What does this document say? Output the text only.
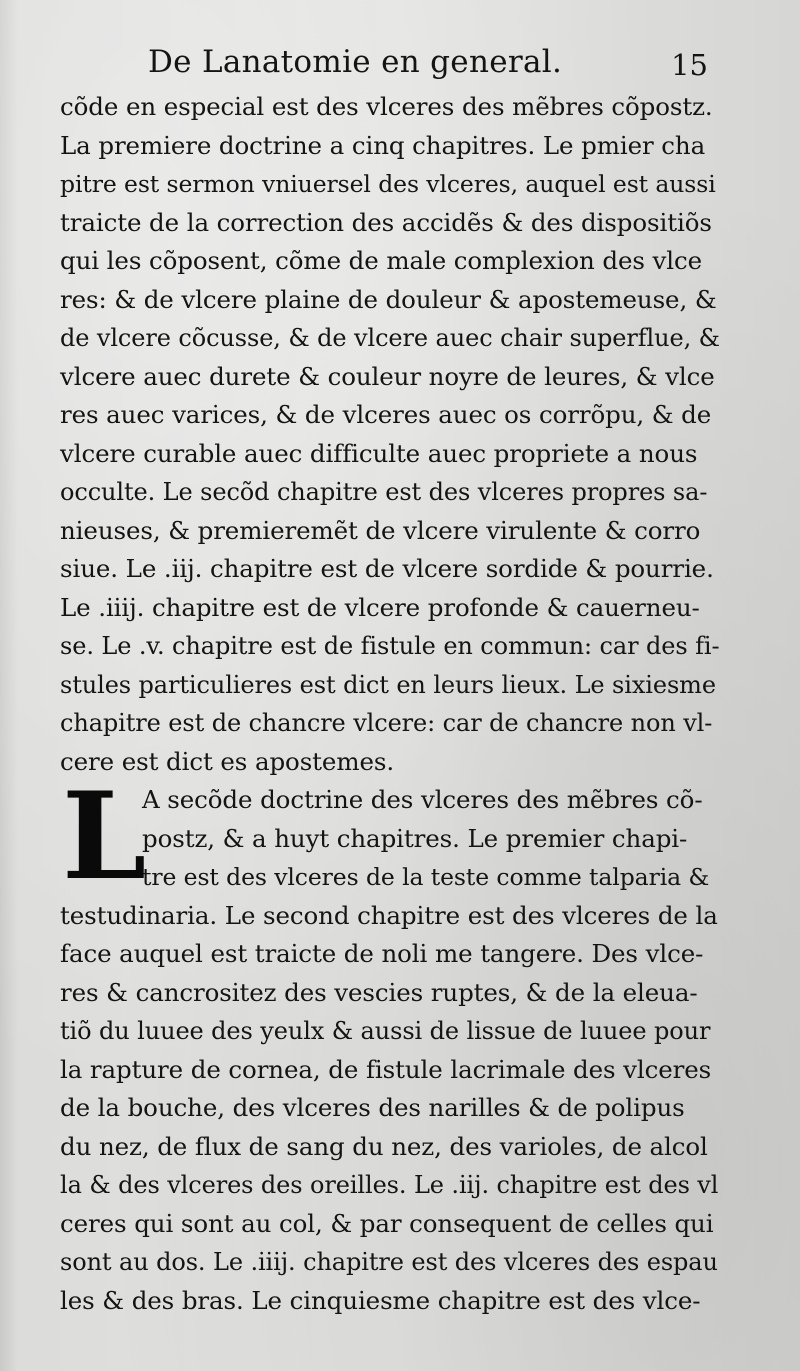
De Lanatomie en general.	15
cõde en especial est des vlceres des mẽbres cõpostz.
La premiere doctrine a cinq chapitres. Le pmier cha
pitre est sermon vniuersel des vlceres, auquel est aussi
traicte de la correction des accidẽs & des dispositiõs
qui les cõposent, cõme de male complexion des vlce
res: & de vlcere plaine de douleur & apostemeuse, &
de vlcere cõcusse, & de vlcere auec chair superflue, &
vlcere auec durete & couleur noyre de leures, & vlce
res auec varices, & de vlceres auec os corrõpu, & de
vlcere curable auec difficulte auec propriete a nous
occulte. Le secõd chapitre est des vlceres propres sa-
nieuses, & premieremẽt de vlcere virulente & corro
siue. Le .iij. chapitre est de vlcere sordide & pourrie.
Le .iiij. chapitre est de vlcere profonde & cauerneu-
se. Le .v. chapitre est de fistule en commun: car des fi-
stules particulieres est dict en leurs lieux. Le sixiesme
chapitre est de chancre vlcere: car de chancre non vl-
cere est dict es apostemes.
L
A secõde doctrine des vlceres des mẽbres cõ-
postz, & a huyt chapitres. Le premier chapi-
tre est des vlceres de la teste comme talparia &
testudinaria. Le second chapitre est des vlceres de la
face auquel est traicte de noli me tangere. Des vlce-
res & cancrositez des vescies ruptes, & de la eleua-
tiõ du luuee des yeulx & aussi de lissue de luuee pour
la rapture de cornea, de fistule lacrimale des vlceres
de la bouche, des vlceres des narilles & de polipus
du nez, de flux de sang du nez, des varioles, de alcol
la & des vlceres des oreilles. Le .iij. chapitre est des vl
ceres qui sont au col, & par consequent de celles qui
sont au dos. Le .iiij. chapitre est des vlceres des espau
les & des bras. Le cinquiesme chapitre est des vlce-
